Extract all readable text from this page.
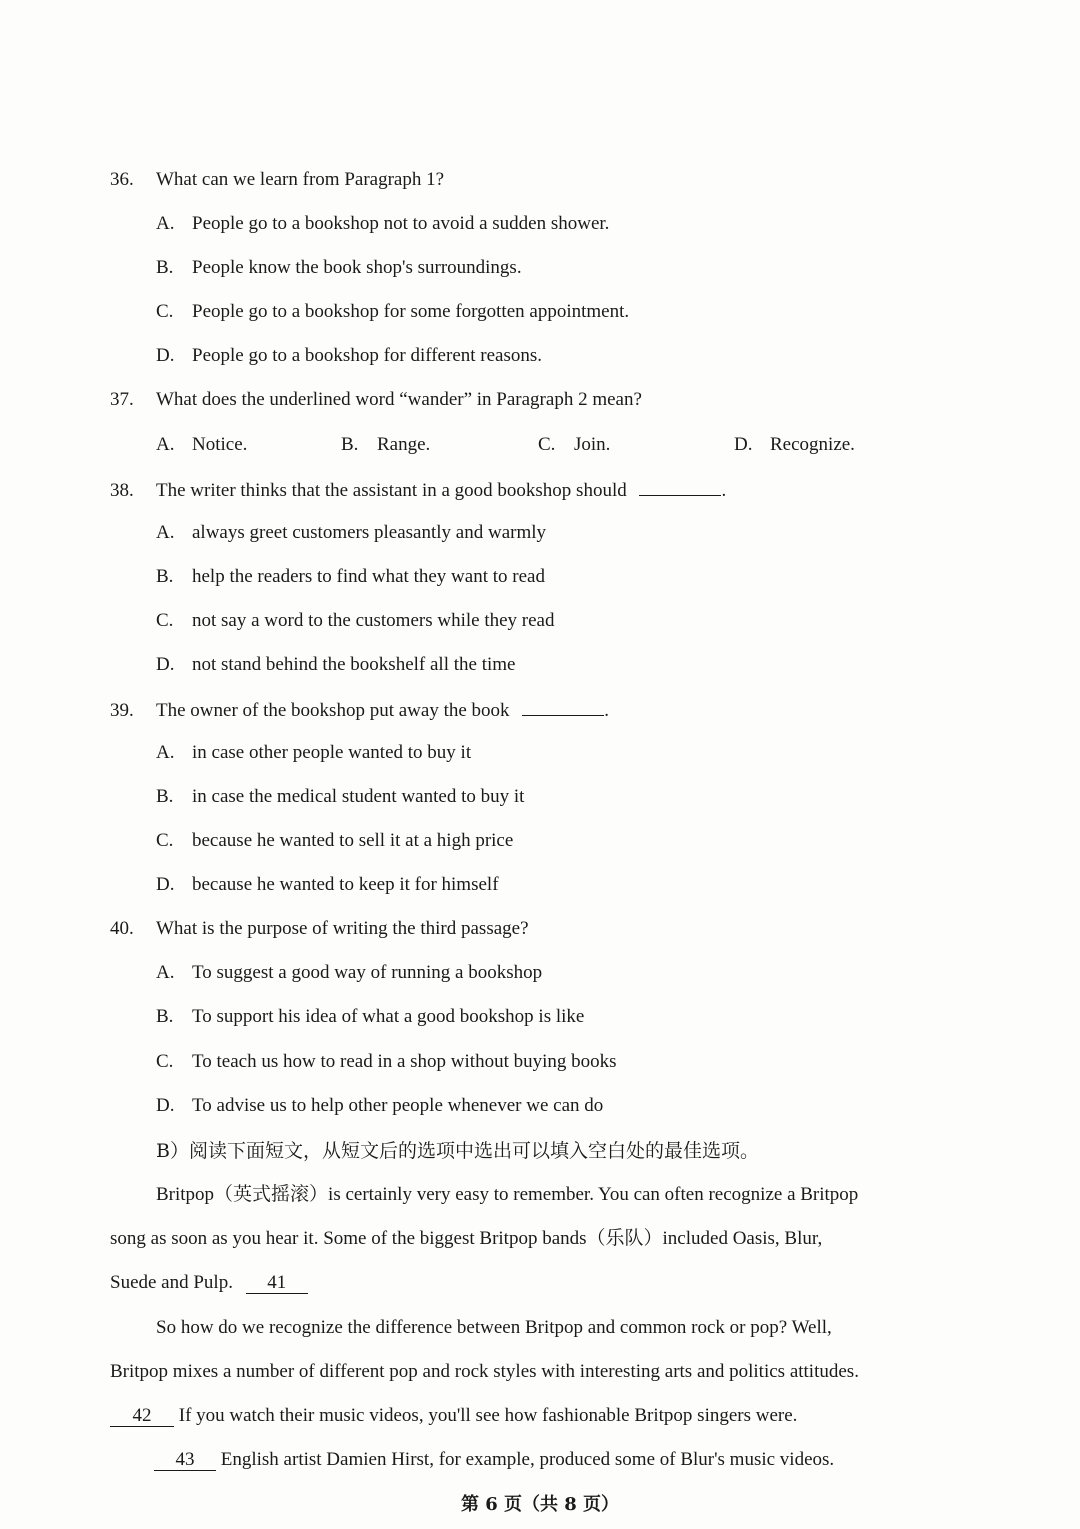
36. What can we learn from Paragraph 1?
A. People go to a bookshop not to avoid a sudden shower.
B. People know the book shop's surroundings.
C. People go to a bookshop for some forgotten appointment.
D. People go to a bookshop for different reasons.
37. What does the underlined word “wander” in Paragraph 2 mean?
A. Notice.	B. Range.	C. Join.	D. Recognize.
38. The writer thinks that the assistant in a good bookshop should	.
A. always greet customers pleasantly and warmly
B. help the readers to find what they want to read
C. not say a word to the customers while they read
D. not stand behind the bookshelf all the time
39. The owner of the bookshop put away the book	.
A. in case other people wanted to buy it
B. in case the medical student wanted to buy it
C. because he wanted to sell it at a high price
D. because he wanted to keep it for himself
40. What is the purpose of writing the third passage?
A. To suggest a good way of running a bookshop
B. To support his idea of what a good bookshop is like
C. To teach us how to read in a shop without buying books
D. To advise us to help other people whenever we can do
B）阅读下面短文，从短文后的选项中选出可以填入空白处的最佳选项。
Britpop（英式摇滚）is certainly very easy to remember. You can often recognize a Britpop
song as soon as you hear it. Some of the biggest Britpop bands（乐队）included Oasis, Blur,
Suede and Pulp. 41
So how do we recognize the difference between Britpop and common rock or pop? Well,
Britpop mixes a number of different pop and rock styles with interesting arts and politics attitudes.
42 If you watch their music videos, you'll see how fashionable Britpop singers were.
43 English artist Damien Hirst, for example, produced some of Blur's music videos.
第 6 页（共 8 页）
